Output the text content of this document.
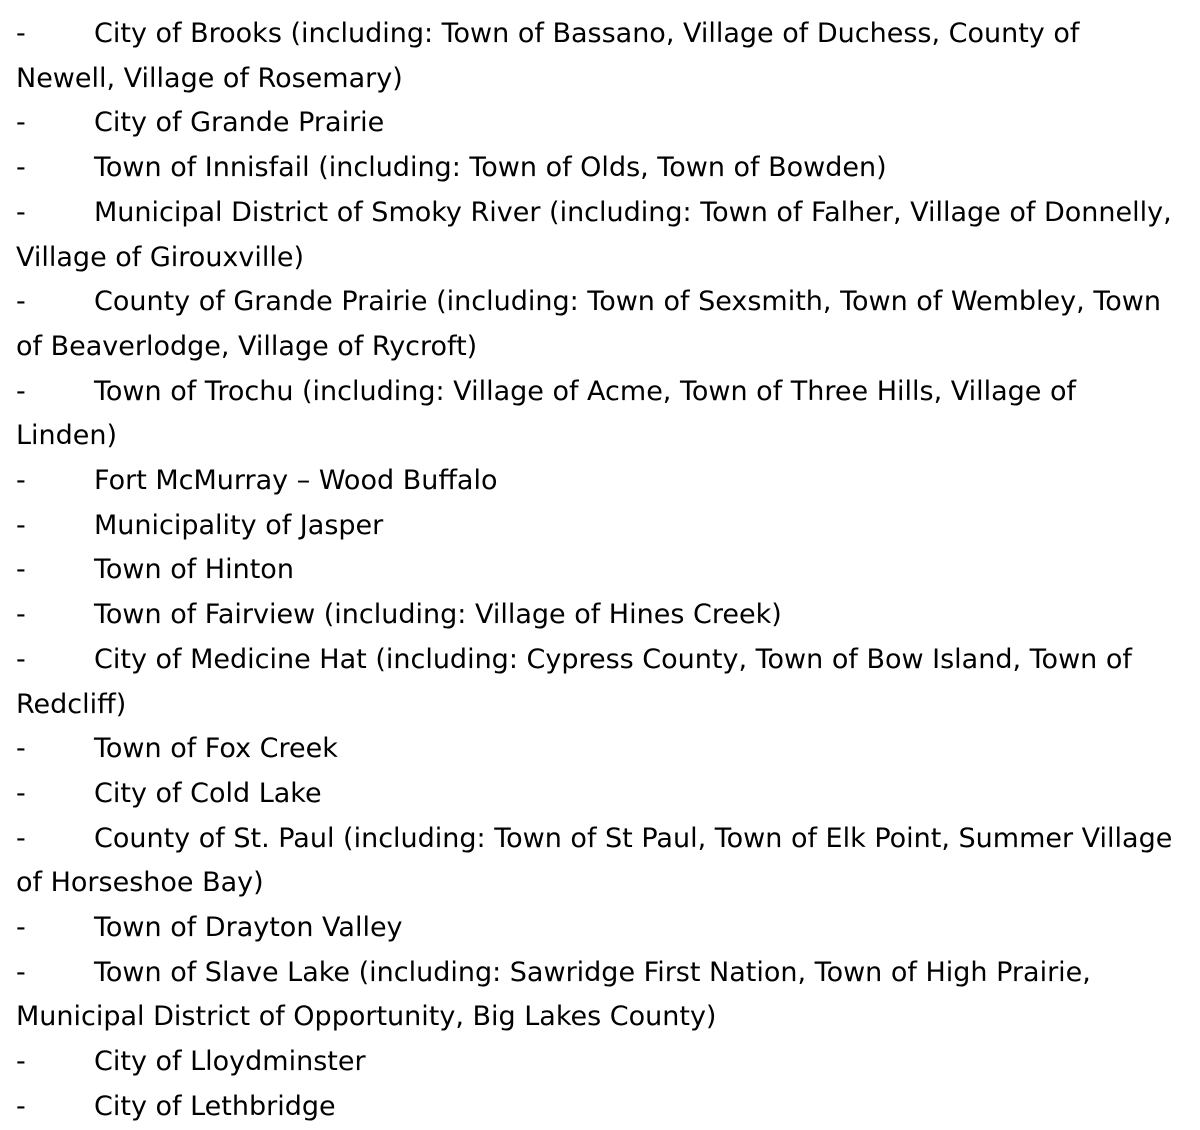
-	City of Brooks (including: Town of Bassano, Village of Duchess, County of Newell, Village of Rosemary)

-	City of Grande Prairie

-	Town of Innisfail (including: Town of Olds, Town of Bowden)

-	Municipal District of Smoky River (including: Town of Falher, Village of Donnelly, Village of Girouxville)

-	County of Grande Prairie (including: Town of Sexsmith, Town of Wembley, Town of Beaverlodge, Village of Rycroft)

-	Town of Trochu (including: Village of Acme, Town of Three Hills, Village of Linden)

-	Fort McMurray – Wood Buffalo

-	Municipality of Jasper

-	Town of Hinton

-	Town of Fairview (including: Village of Hines Creek)

-	City of Medicine Hat (including: Cypress County, Town of Bow Island, Town of Redcliff)

-	Town of Fox Creek

-	City of Cold Lake

-	County of St. Paul (including: Town of St Paul, Town of Elk Point, Summer Village of Horseshoe Bay)

-	Town of Drayton Valley

-	Town of Slave Lake (including: Sawridge First Nation, Town of High Prairie, Municipal District of Opportunity, Big Lakes County)

-	City of Lloydminster

-	City of Lethbridge
